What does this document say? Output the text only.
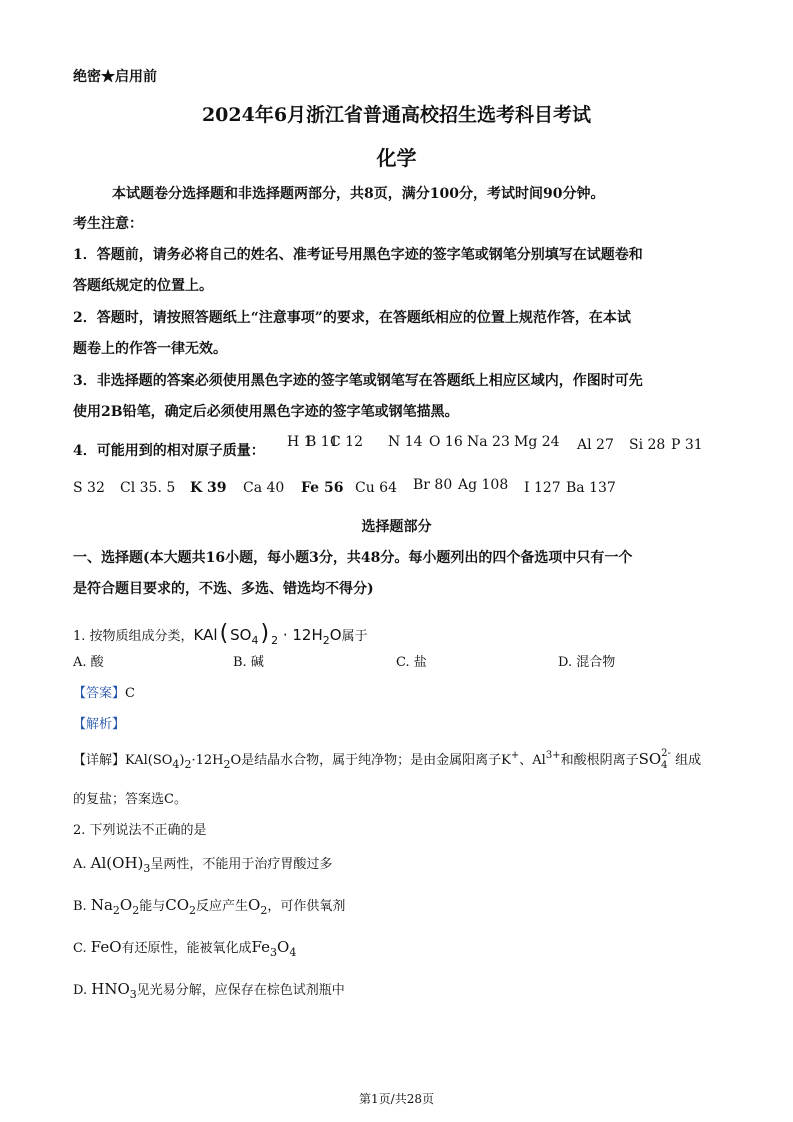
绝密★启用前
2024年6月浙江省普通高校招生选考科目考试
化学
本试题卷分选择题和非选择题两部分，共8页，满分100分，考试时间90分钟。
考生注意：
1．答题前，请务必将自己的姓名、准考证号用黑色字迹的签字笔或钢笔分别填写在试题卷和
答题纸规定的位置上。
2．答题时，请按照答题纸上“注意事项”的要求，在答题纸相应的位置上规范作答，在本试
题卷上的作答一律无效。
3．非选择题的答案必须使用黑色字迹的签字笔或钢笔写在答题纸上相应区域内，作图时可先
使用2B铅笔，确定后必须使用黑色字迹的签字笔或钢笔描黑。
4．可能用到的相对原子质量：
H 1
B 11
C 12 N 14 O 16 Na 23 Mg 24 Al 27 Si 28 P 31
S 32 Cl 35. 5 K 39 Ca 40 Fe 56 Cu 64 Br 80 Ag 108 I 127 Ba 137
选择题部分
一、选择题(本大题共16小题，每小题3分，共48分。每小题列出的四个备选项中只有一个
是符合题目要求的，不选、多选、错选均不得分)
1. 按物质组成分类，KAl( $SO_4$) $_2 \cdot 12H_2O$属于
A. 酸	B. 碱	C. 盐	D. 混合物
【答案】C
【解析】
【详解】$KAl(SO_4)_2\cdot 12H_2O$是结晶水合物，属于纯净物；是由金属阳离子K+、$Al^{3+}$和酸根阴离子SO 2-
4 组成
的复盐；答案选C。
2. 下列说法不正确的是
A. $Al(OH)_3$呈两性，不能用于治疗胃酸过多
B. $Na_2O_2$能与$CO_2$反应产生$O_2$，可作供氧剂
C. FeO有还原性，能被氧化成$Fe_3O_4$
D. $HNO_3$见光易分解，应保存在棕色试剂瓶中
第1页/共28页
